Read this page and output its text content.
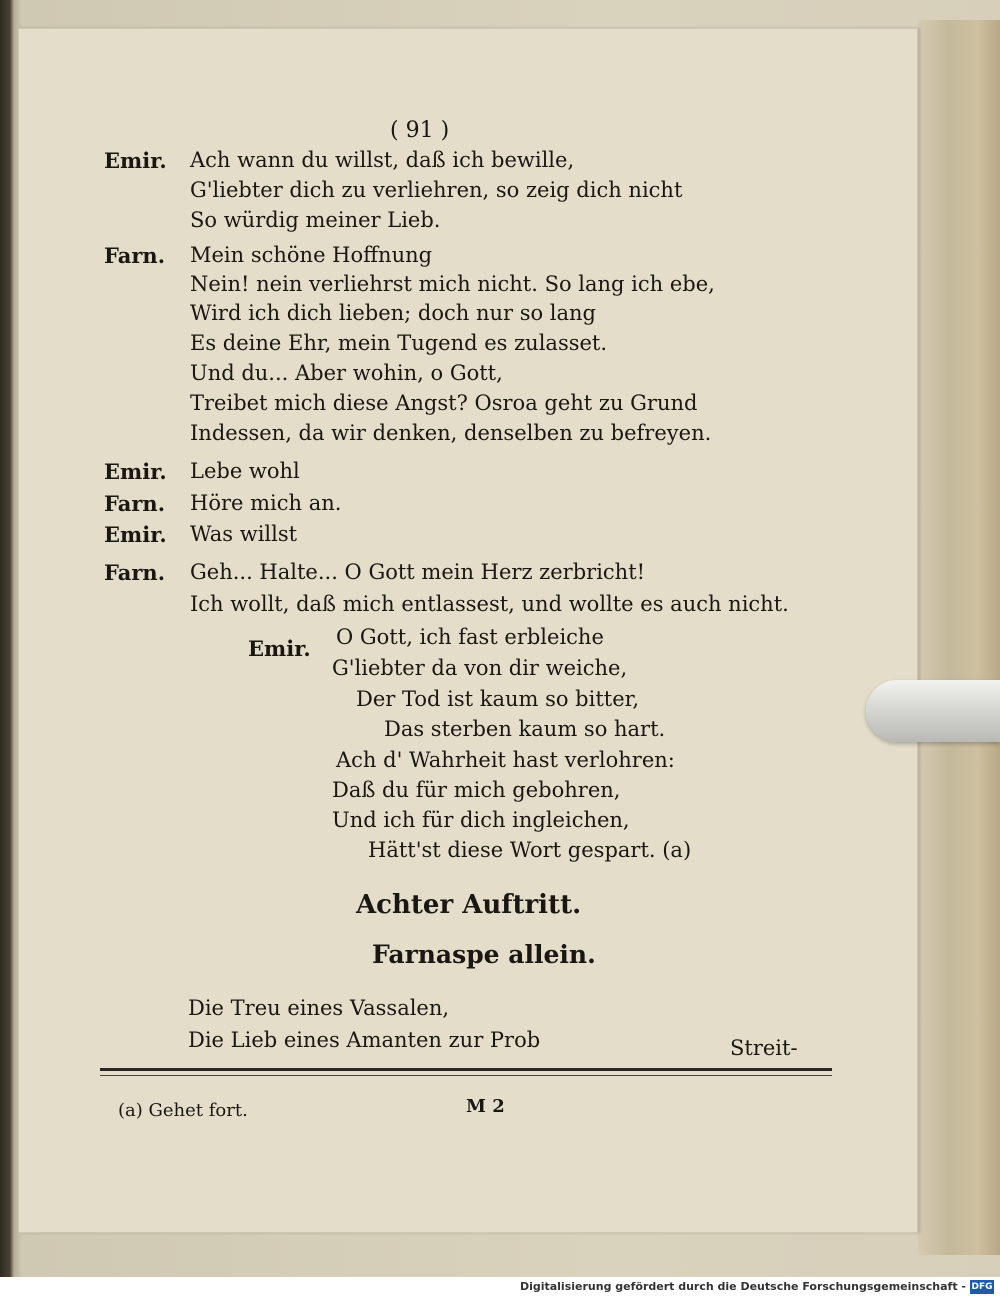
( 91 )
Emir. Ach wann du willst, daß ich bewille,
G'liebter dich zu verliehren, so zeig dich nicht
So würdig meiner Lieb.
Farn. Mein schöne Hoffnung
Nein! nein verliehrst mich nicht. So lang ich ebe,
Wird ich dich lieben; doch nur so lang
Es deine Ehr, mein Tugend es zulasset.
Und du... Aber wohin, o Gott,
Treibet mich diese Angst? Osroa geht zu Grund
Indessen, da wir denken, denselben zu befreyen.
Emir. Lebe wohl
Farn. Höre mich an.
Emir. Was willst
Farn. Geh... Halte... O Gott mein Herz zerbricht!
Ich wollt, daß mich entlassest, und wollte es auch nicht.
Emir. O Gott, ich fast erbleiche
G'liebter da von dir weiche,
Der Tod ist kaum so bitter,
Das sterben kaum so hart.
Ach d' Wahrheit hast verlohren:
Daß du für mich gebohren,
Und ich für dich ingleichen,
Hätt'st diese Wort gespart. (a)
Achter Auftritt.
Farnaspe allein.
Die Treu eines Vassalen,
Die Lieb eines Amanten zur Prob	Streit-
(a) Gehet fort.	M 2
Digitalisierung gefördert durch die Deutsche Forschungsgemeinschaft - DFG
